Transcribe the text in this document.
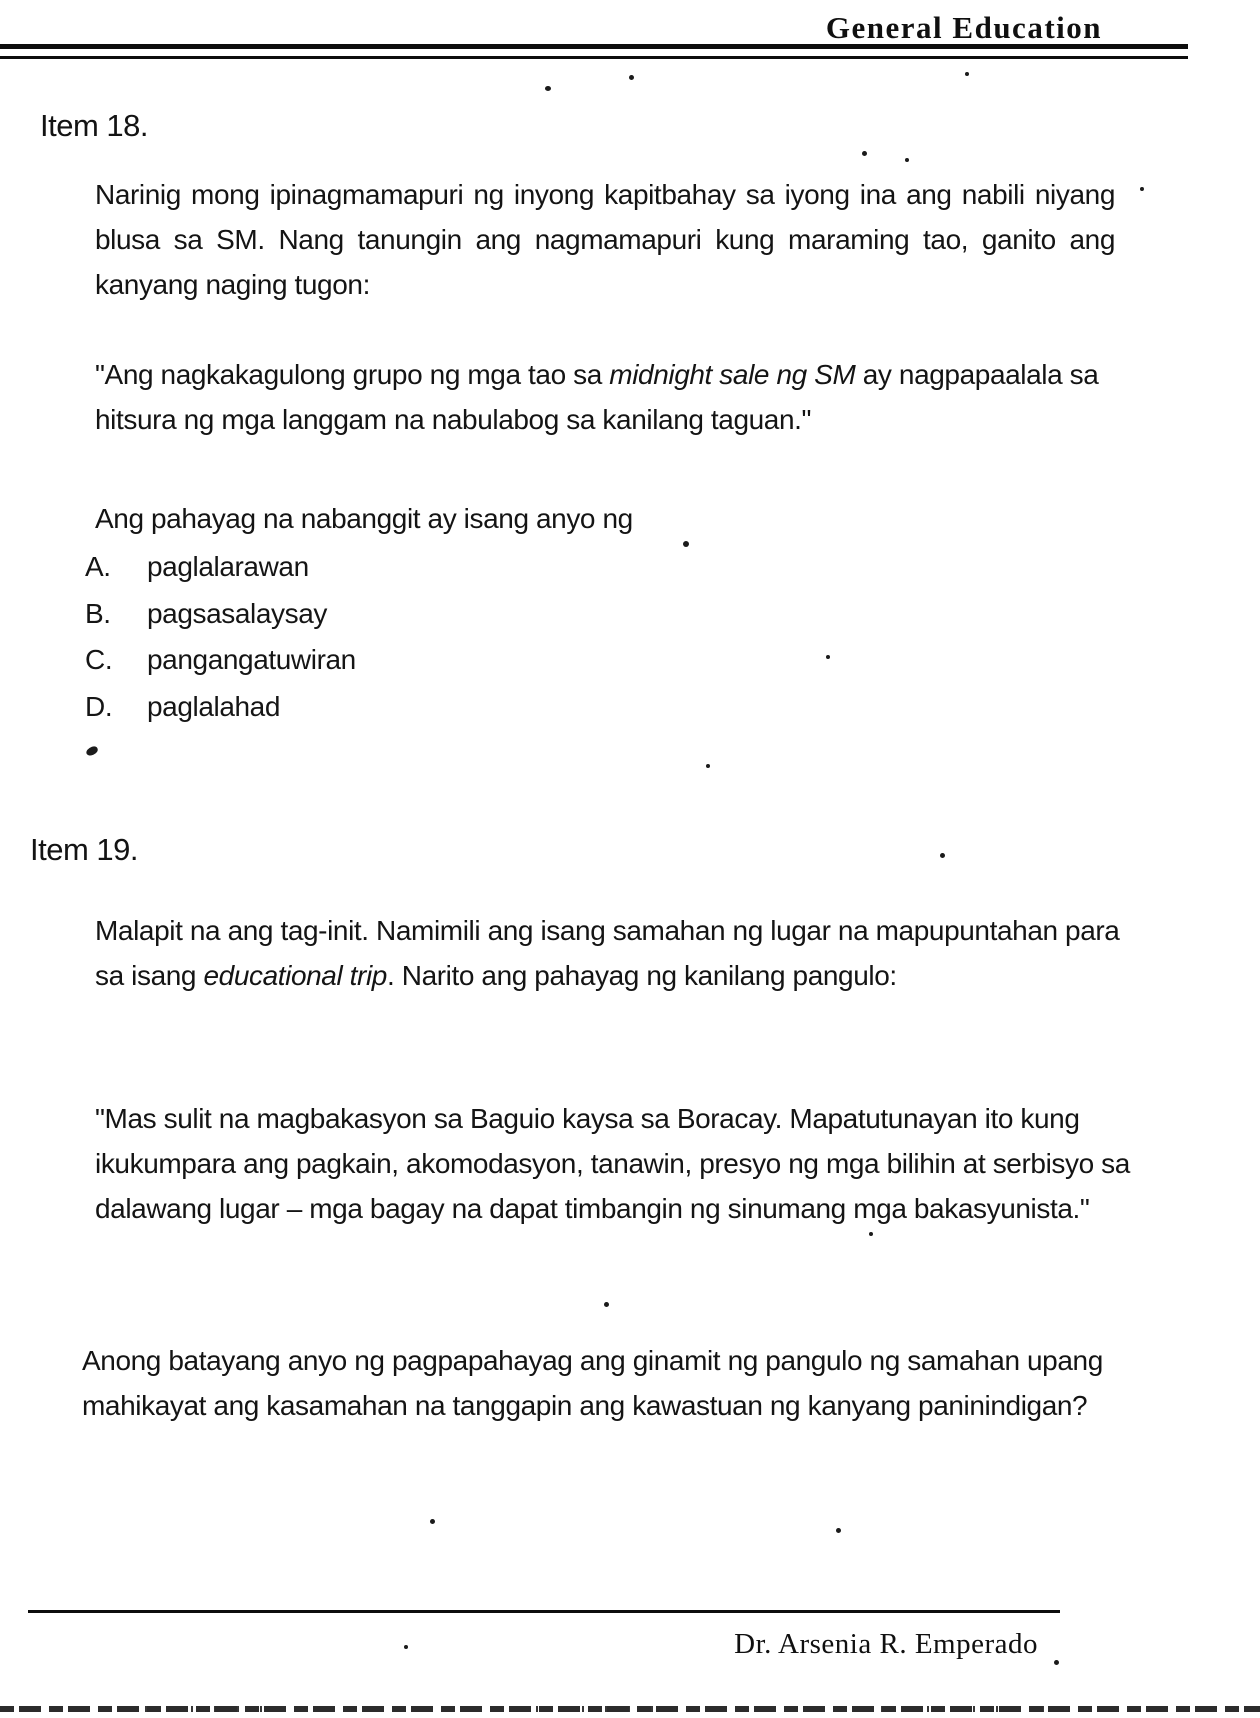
General Education
Item 18.

Narinig mong ipinagmamapuri ng inyong kapitbahay sa iyong ina ang nabili niyang blusa sa SM. Nang tanungin ang nagmamapuri kung maraming tao, ganito ang kanyang naging tugon:

"Ang nagkakagulong grupo ng mga tao sa midnight sale ng SM ay nagpapaalala sa hitsura ng mga langgam na nabulabog sa kanilang taguan."

Ang pahayag na nabanggit ay isang anyo ng

A.	paglalarawan
B.	pagsasalaysay
C.	pangangatuwiran
D.	paglalahad
Item 19.

Malapit na ang tag-init. Namimili ang isang samahan ng lugar na mapupuntahan para sa isang educational trip. Narito ang pahayag ng kanilang pangulo:

"Mas sulit na magbakasyon sa Baguio kaysa sa Boracay. Mapatutunayan ito kung ikukumpara ang pagkain, akomodasyon, tanawin, presyo ng mga bilihin at serbisyo sa dalawang lugar – mga bagay na dapat timbangin ng sinumang mga bakasyunista."

Anong batayang anyo ng pagpapahayag ang ginamit ng pangulo ng samahan upang mahikayat ang kasamahan na tanggapin ang kawastuan ng kanyang paninindigan?

Dr. Arsenia R. Emperado
